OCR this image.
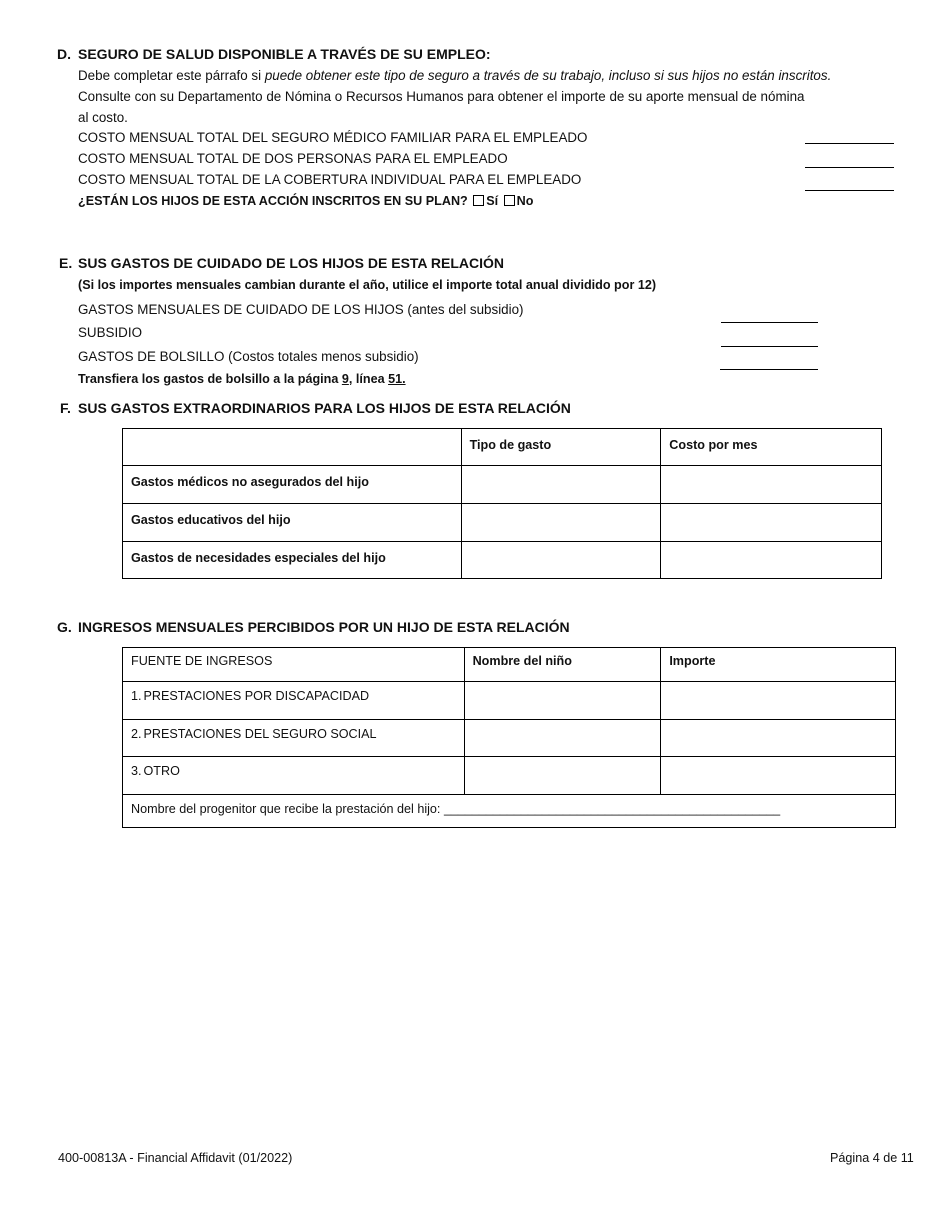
D. SEGURO DE SALUD DISPONIBLE A TRAVÉS DE SU EMPLEO:
Debe completar este párrafo si puede obtener este tipo de seguro a través de su trabajo, incluso si sus hijos no están inscritos.
Consulte con su Departamento de Nómina o Recursos Humanos para obtener el importe de su aporte mensual de nómina
al costo.
COSTO MENSUAL TOTAL DEL SEGURO MÉDICO FAMILIAR PARA EL EMPLEADO
COSTO MENSUAL TOTAL DE DOS PERSONAS PARA EL EMPLEADO
COSTO MENSUAL TOTAL DE LA COBERTURA INDIVIDUAL PARA EL EMPLEADO
¿ESTÁN LOS HIJOS DE ESTA ACCIÓN INSCRITOS EN SU PLAN? Sí No
E. SUS GASTOS DE CUIDADO DE LOS HIJOS DE ESTA RELACIÓN
(Si los importes mensuales cambian durante el año, utilice el importe total anual dividido por 12)
GASTOS MENSUALES DE CUIDADO DE LOS HIJOS (antes del subsidio)
SUBSIDIO
GASTOS DE BOLSILLO (Costos totales menos subsidio)
Transfiera los gastos de bolsillo a la página 9, línea 51.
F. SUS GASTOS EXTRAORDINARIOS PARA LOS HIJOS DE ESTA RELACIÓN
	Tipo de gasto	Costo por mes
Gastos médicos no asegurados del hijo		
Gastos educativos del hijo		
Gastos de necesidades especiales del hijo		
G. INGRESOS MENSUALES PERCIBIDOS POR UN HIJO DE ESTA RELACIÓN
FUENTE DE INGRESOS	Nombre del niño	Importe
1. PRESTACIONES POR DISCAPACIDAD		
2. PRESTACIONES DEL SEGURO SOCIAL		
3. OTRO		
Nombre del progenitor que recibe la prestación del hijo: ________________________________________________		
400-00813A - Financial Affidavit (01/2022)	Página 4 de 11
